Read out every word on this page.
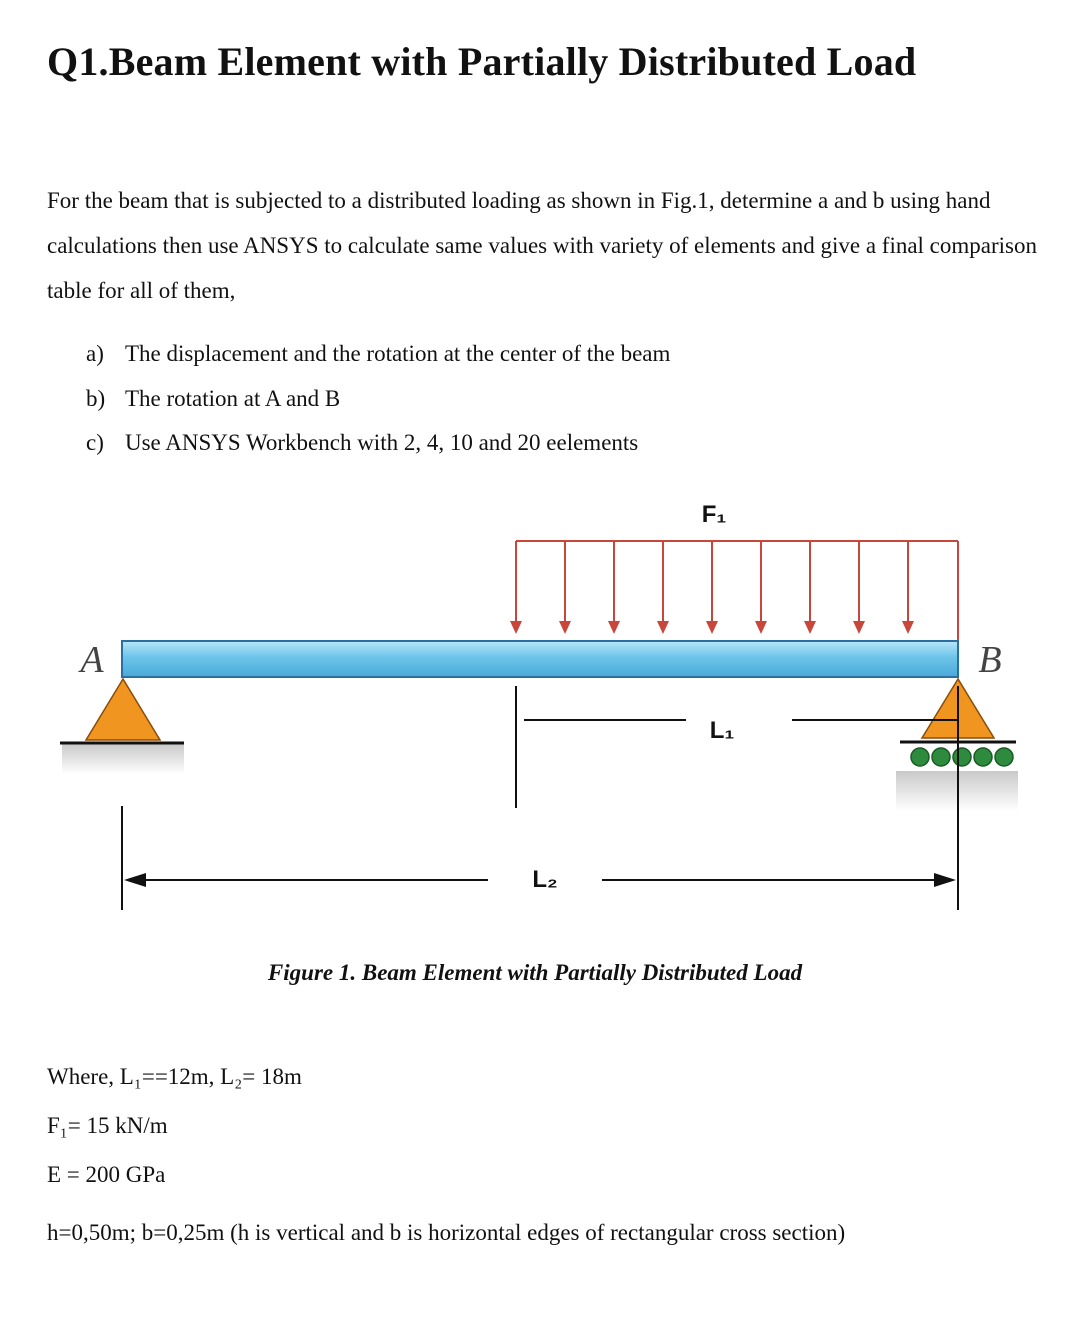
Q1.Beam Element with Partially Distributed Load

For the beam that is subjected to a distributed loading as shown in Fig.1, determine a and b using hand calculations then use ANSYS to calculate same values with variety of elements and give a final comparison table for all of them,

a) The displacement and the rotation at the center of the beam
b) The rotation at A and B
c) Use ANSYS Workbench with 2, 4, 10 and 20 eelements
F₁
A	B
L₁
L₂

Figure 1. Beam Element with Partially Distributed Load

Where, L₁==12m, L₂= 18m
F₁= 15 kN/m
E = 200 GPa

h=0,50m; b=0,25m (h is vertical and b is horizontal edges of rectangular cross section)
